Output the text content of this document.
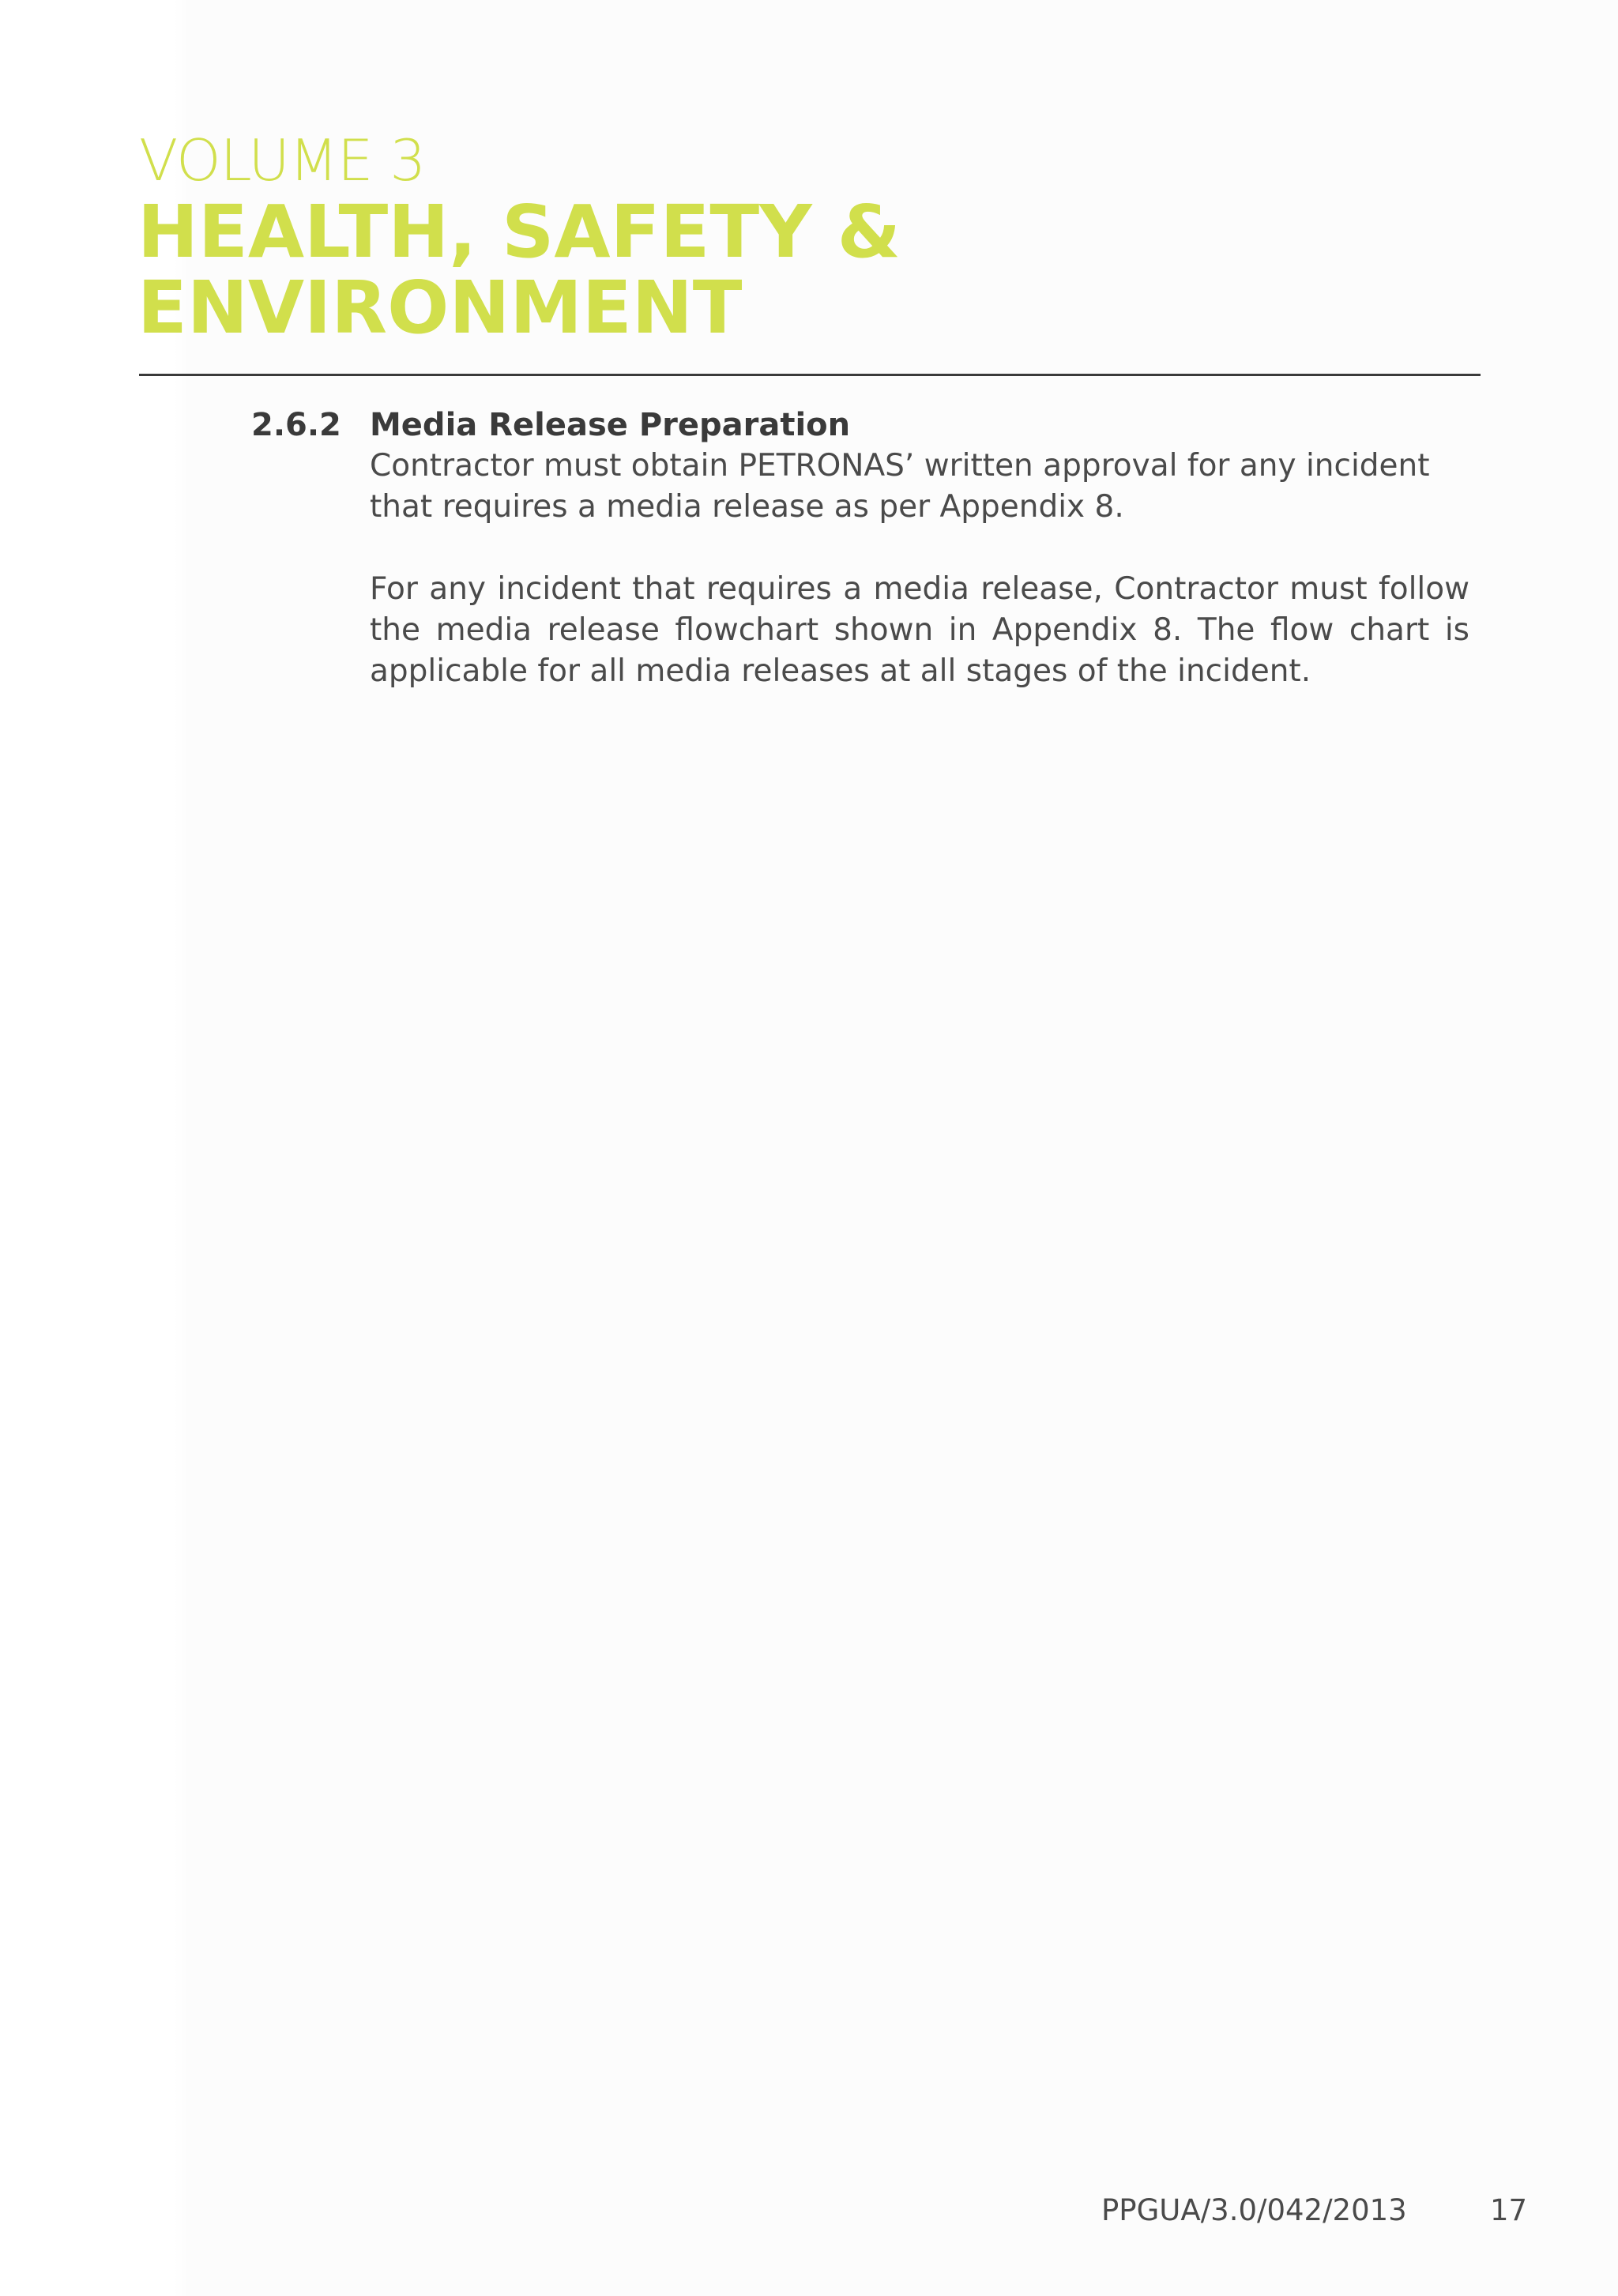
VOLUME 3
HEALTH, SAFETY &
ENVIRONMENT
2.6.2 Media Release Preparation

Contractor must obtain PETRONAS’ written approval for any incident that requires a media release as per Appendix 8.

For any incident that requires a media release, Contractor must follow the media release flowchart shown in Appendix 8. The flow chart is applicable for all media releases at all stages of the incident.

PPGUA/3.0/042/2013	17
